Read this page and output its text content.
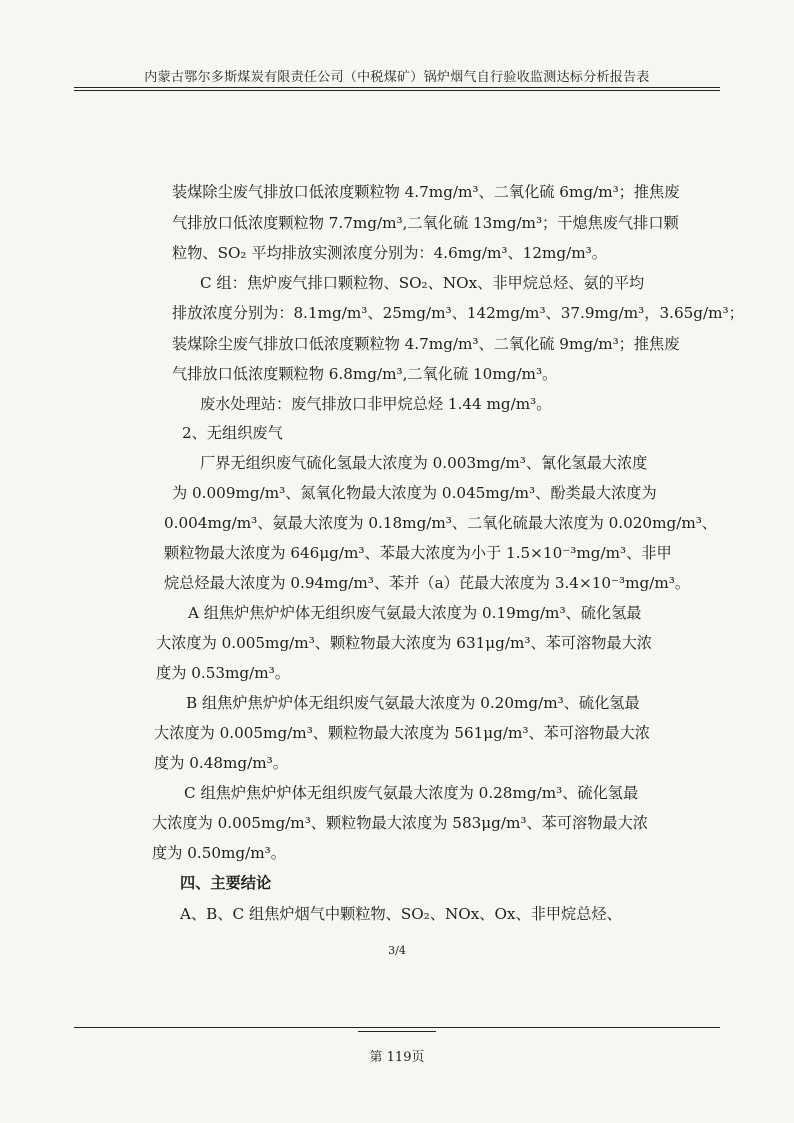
内蒙古鄂尔多斯煤炭有限责任公司（中税煤矿）锅炉烟气自行验收监测达标分析报告表
装煤除尘废气排放口低浓度颗粒物 4.7mg/m³、二氧化硫 6mg/m³；推焦废
气排放口低浓度颗粒物 7.7mg/m³,二氧化硫 13mg/m³；干熄焦废气排口颗
粒物、SO₂ 平均排放实测浓度分别为：4.6mg/m³、12mg/m³。
C 组：焦炉废气排口颗粒物、SO₂、NOx、非甲烷总烃、氨的平均
排放浓度分别为：8.1mg/m³、25mg/m³、142mg/m³、37.9mg/m³，3.65g/m³；
装煤除尘废气排放口低浓度颗粒物 4.7mg/m³、二氧化硫 9mg/m³；推焦废
气排放口低浓度颗粒物 6.8mg/m³,二氧化硫 10mg/m³。
废水处理站：废气排放口非甲烷总烃 1.44 mg/m³。
2、无组织废气
厂界无组织废气硫化氢最大浓度为 0.003mg/m³、氰化氢最大浓度
为 0.009mg/m³、氮氧化物最大浓度为 0.045mg/m³、酚类最大浓度为
0.004mg/m³、氨最大浓度为 0.18mg/m³、二氧化硫最大浓度为 0.020mg/m³、
颗粒物最大浓度为 646μg/m³、苯最大浓度为小于 1.5×10⁻³mg/m³、非甲
烷总烃最大浓度为 0.94mg/m³、苯并（a）芘最大浓度为 3.4×10⁻³mg/m³。
A 组焦炉焦炉炉体无组织废气氨最大浓度为 0.19mg/m³、硫化氢最
大浓度为 0.005mg/m³、颗粒物最大浓度为 631μg/m³、苯可溶物最大浓
度为 0.53mg/m³。
B 组焦炉焦炉炉体无组织废气氨最大浓度为 0.20mg/m³、硫化氢最
大浓度为 0.005mg/m³、颗粒物最大浓度为 561μg/m³、苯可溶物最大浓
度为 0.48mg/m³。
C 组焦炉焦炉炉体无组织废气氨最大浓度为 0.28mg/m³、硫化氢最
大浓度为 0.005mg/m³、颗粒物最大浓度为 583μg/m³、苯可溶物最大浓
度为 0.50mg/m³。
四、主要结论
A、B、C 组焦炉烟气中颗粒物、SO₂、NOx、Ox、非甲烷总烃、
3/4
第 119页
